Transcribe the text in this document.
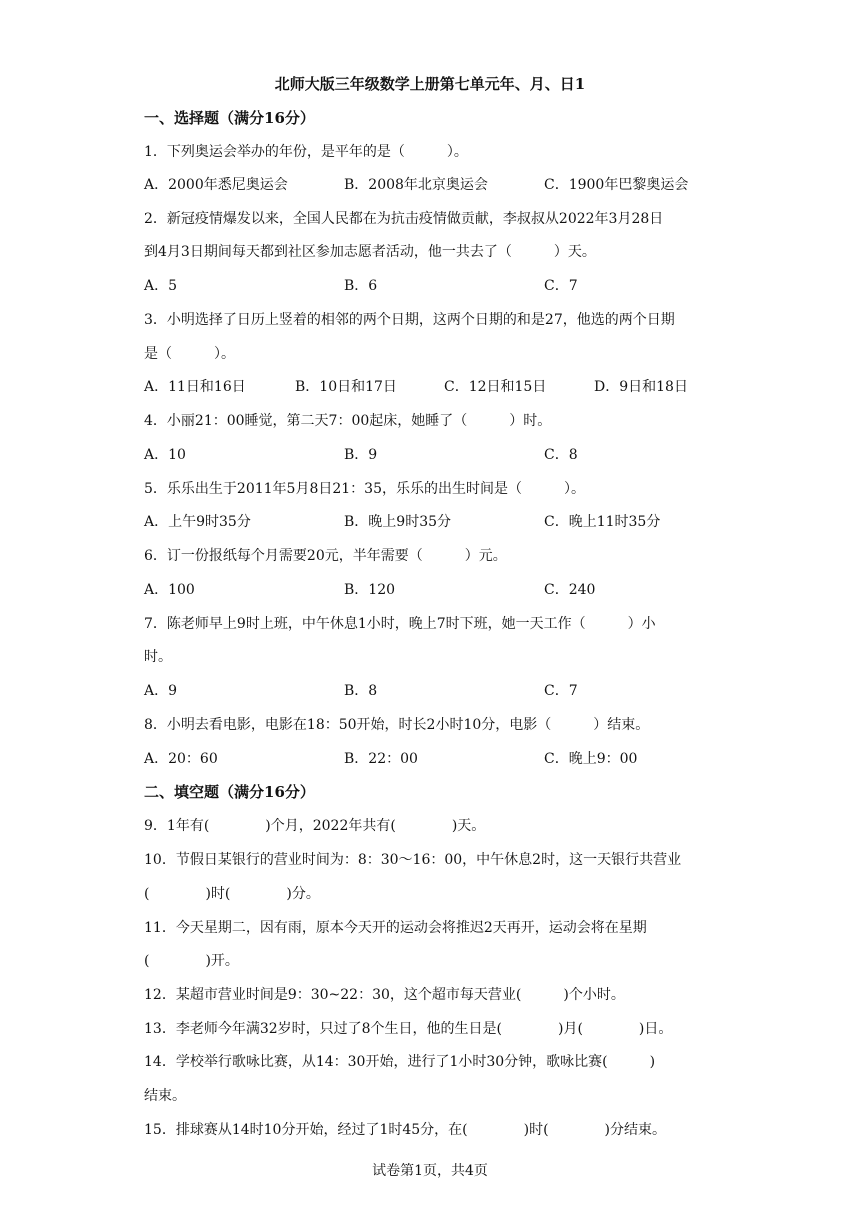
北师大版三年级数学上册第七单元年、月、日1
一、选择题（满分16分）
1．下列奥运会举办的年份，是平年的是（　　　）。
A．2000年悉尼奥运会	B．2008年北京奥运会	C．1900年巴黎奥运会
2．新冠疫情爆发以来，全国人民都在为抗击疫情做贡献，李叔叔从2022年3月28日
到4月3日期间每天都到社区参加志愿者活动，他一共去了（　　　）天。
A．5	B．6	C．7
3．小明选择了日历上竖着的相邻的两个日期，这两个日期的和是27，他选的两个日期
是（　　　）。
A．11日和16日	B．10日和17日	C．12日和15日	D．9日和18日
4．小丽21：00睡觉，第二天7：00起床，她睡了（　　　）时。
A．10	B．9	C．8
5．乐乐出生于2011年5月8日21：35，乐乐的出生时间是（　　　）。
A．上午9时35分	B．晚上9时35分	C．晚上11时35分
6．订一份报纸每个月需要20元，半年需要（　　　）元。
A．100	B．120	C．240
7．陈老师早上9时上班，中午休息1小时，晚上7时下班，她一天工作（　　　）小
时。
A．9	B．8	C．7
8．小明去看电影，电影在18：50开始，时长2小时10分，电影（　　　）结束。
A．20：60	B．22：00	C．晚上9：00
二、填空题（满分16分）
9．1年有(　　　　)个月，2022年共有(　　　　)天。
10．节假日某银行的营业时间为：8：30～16：00，中午休息2时，这一天银行共营业
(　　　　)时(　　　　)分。
11．今天星期二，因有雨，原本今天开的运动会将推迟2天再开，运动会将在星期
(　　　　)开。
12．某超市营业时间是9：30~22：30，这个超市每天营业(　　　)个小时。
13．李老师今年满32岁时，只过了8个生日，他的生日是(　　　　)月(　　　　)日。
14．学校举行歌咏比赛，从14：30开始，进行了1小时30分钟，歌咏比赛(　　　)
结束。
15．排球赛从14时10分开始，经过了1时45分，在(　　　　)时(　　　　)分结束。
试卷第1页，共4页
